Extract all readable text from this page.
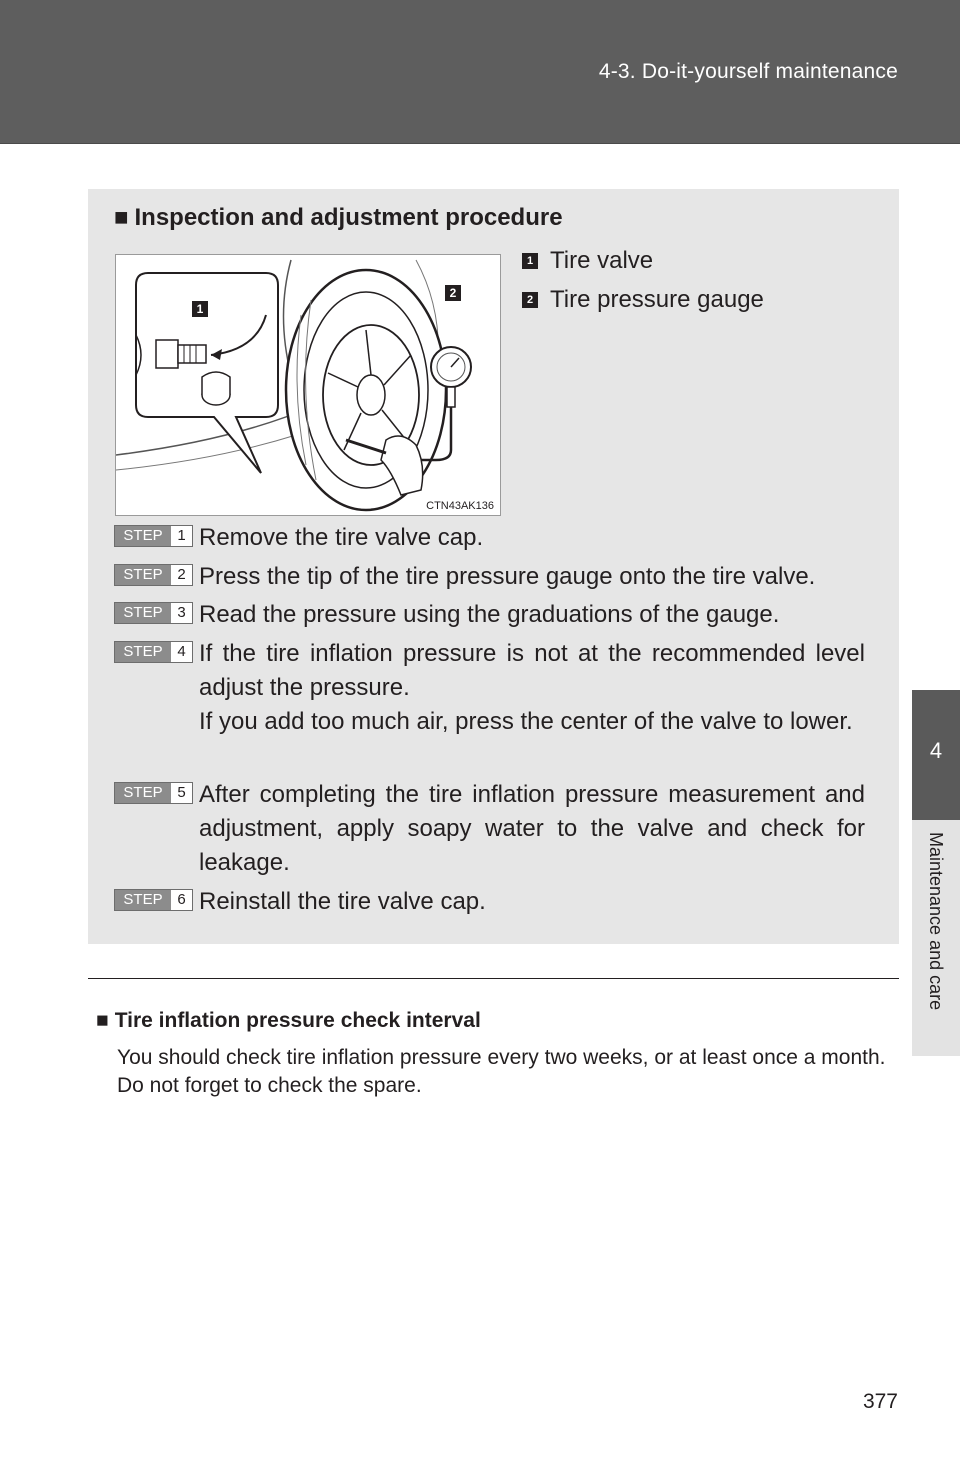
4-3. Do-it-yourself maintenance
4
Maintenance and care
■ Inspection and adjustment procedure
1
2
CTN43AK136
1 Tire valve
2 Tire pressure gauge
STEP 1 Remove the tire valve cap.
STEP 2 Press the tip of the tire pressure gauge onto the tire valve.
STEP 3 Read the pressure using the graduations of the gauge.
STEP 4 If the tire inflation pressure is not at the recommended level adjust the pressure.
If you add too much air, press the center of the valve to lower.
STEP 5 After completing the tire inflation pressure measurement and adjustment, apply soapy water to the valve and check for leakage.
STEP 6 Reinstall the tire valve cap.
■ Tire inflation pressure check interval
You should check tire inflation pressure every two weeks, or at least once a month.
Do not forget to check the spare.
377
